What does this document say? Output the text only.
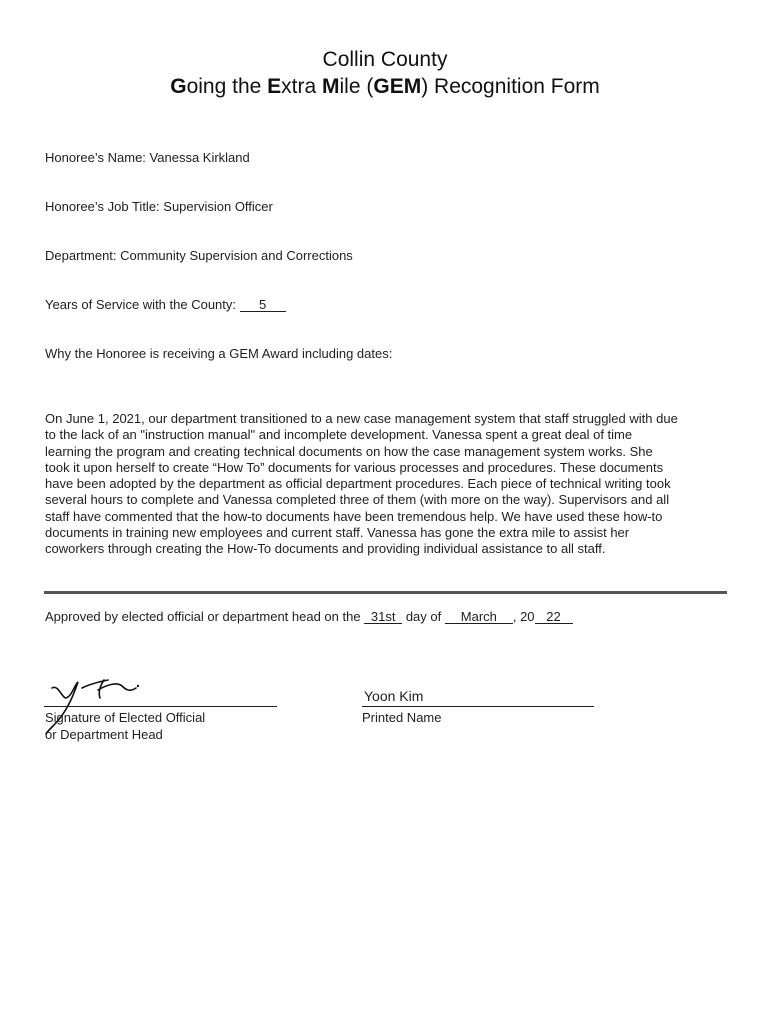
Collin County
Going the Extra Mile (GEM) Recognition Form
Honoree’s Name: Vanessa Kirkland
Honoree’s Job Title: Supervision Officer
Department: Community Supervision and Corrections
Years of Service with the County: 5
Why the Honoree is receiving a GEM Award including dates:
On June 1, 2021, our department transitioned to a new case management system that staff struggled with due
to the lack of an "instruction manual" and incomplete development. Vanessa spent a great deal of time
learning the program and creating technical documents on how the case management system works. She
took it upon herself to create “How To” documents for various processes and procedures. These documents
have been adopted by the department as official department procedures. Each piece of technical writing took
several hours to complete and Vanessa completed three of them (with more on the way). Supervisors and all
staff have commented that the how-to documents have been tremendous help. We have used these how-to
documents in training new employees and current staff. Vanessa has gone the extra mile to assist her
coworkers through creating the How-To documents and providing individual assistance to all staff.
Approved by elected official or department head on the 31st day of March , 20 22
Signature of Elected Official
or Department Head
Yoon Kim
Printed Name
